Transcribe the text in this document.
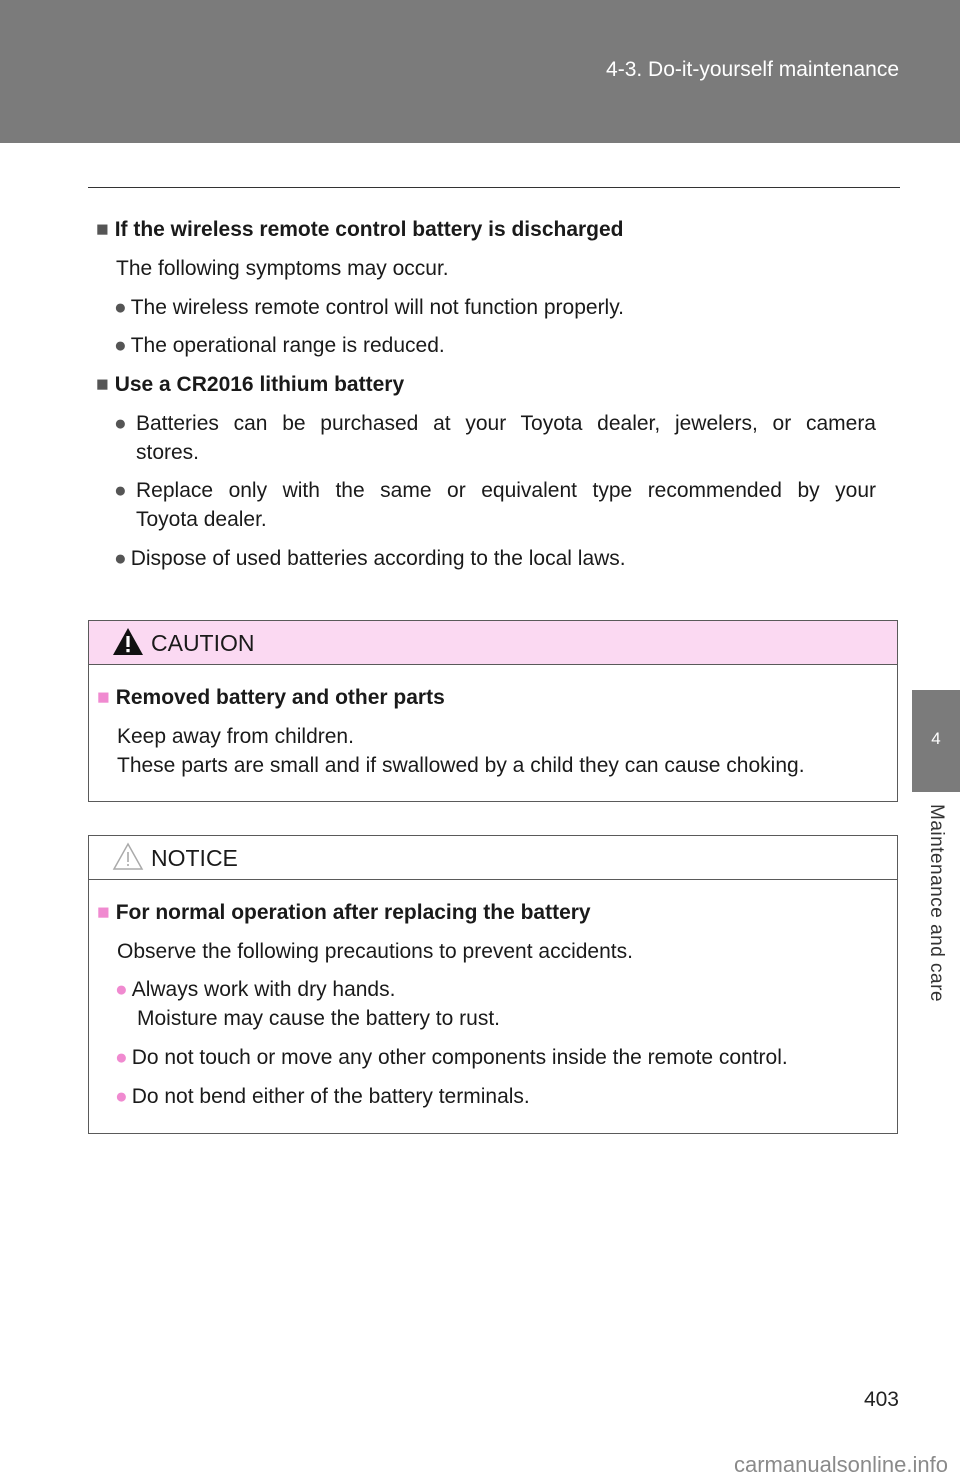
4-3. Do-it-yourself maintenance
4
Maintenance and care
■ If the wireless remote control battery is discharged
The following symptoms may occur.
● The wireless remote control will not function properly.
● The operational range is reduced.
■ Use a CR2016 lithium battery
● Batteries can be purchased at your Toyota dealer, jewelers, or camera
stores.
● Replace only with the same or equivalent type recommended by your
Toyota dealer.
● Dispose of used batteries according to the local laws.
CAUTION
■ Removed battery and other parts
Keep away from children.
These parts are small and if swallowed by a child they can cause choking.
NOTICE
■ For normal operation after replacing the battery
Observe the following precautions to prevent accidents.
● Always work with dry hands.
Moisture may cause the battery to rust.
● Do not touch or move any other components inside the remote control.
● Do not bend either of the battery terminals.
403
carmanualsonline.info
